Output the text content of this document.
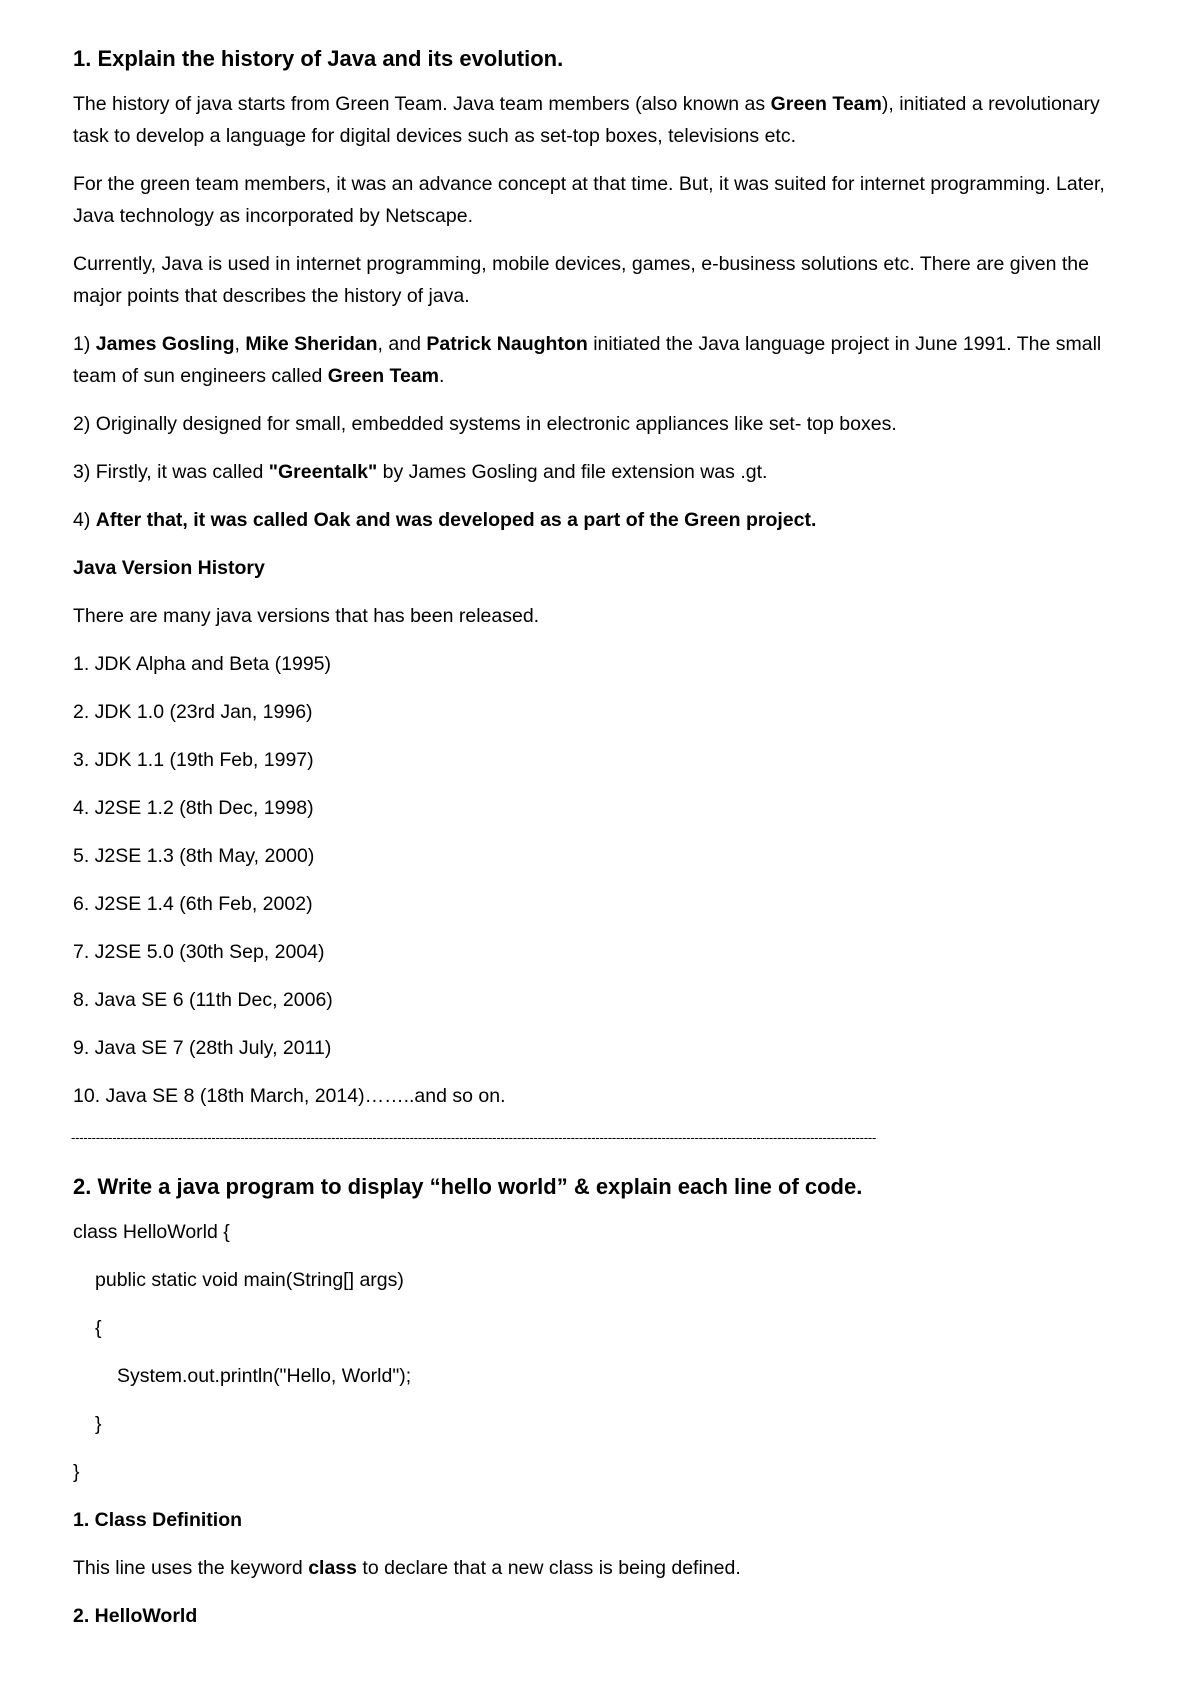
1. Explain the history of Java and its evolution.
The history of java starts from Green Team. Java team members (also known as Green Team), initiated a revolutionary task to develop a language for digital devices such as set-top boxes, televisions etc.
For the green team members, it was an advance concept at that time. But, it was suited for internet programming. Later, Java technology as incorporated by Netscape.
Currently, Java is used in internet programming, mobile devices, games, e-business solutions etc. There are given the major points that describes the history of java.
1) James Gosling, Mike Sheridan, and Patrick Naughton initiated the Java language project in June 1991. The small team of sun engineers called Green Team.
2) Originally designed for small, embedded systems in electronic appliances like set- top boxes.
3) Firstly, it was called "Greentalk" by James Gosling and file extension was .gt.
4) After that, it was called Oak and was developed as a part of the Green project.
Java Version History
There are many java versions that has been released.
1. JDK Alpha and Beta (1995)
2. JDK 1.0 (23rd Jan, 1996)
3. JDK 1.1 (19th Feb, 1997)
4. J2SE 1.2 (8th Dec, 1998)
5. J2SE 1.3 (8th May, 2000)
6. J2SE 1.4 (6th Feb, 2002)
7. J2SE 5.0 (30th Sep, 2004)
8. Java SE 6 (11th Dec, 2006)
9. Java SE 7 (28th July, 2011)
10. Java SE 8 (18th March, 2014)……..and so on.
---------------------------------------------------------------------------------------------------------------------------------------------------------------------------------------------------
2. Write a java program to display “hello world” & explain each line of code.
class HelloWorld {
public static void main(String[] args)
{
System.out.println("Hello, World");
}
}
1. Class Definition
This line uses the keyword class to declare that a new class is being defined.
2. HelloWorld
